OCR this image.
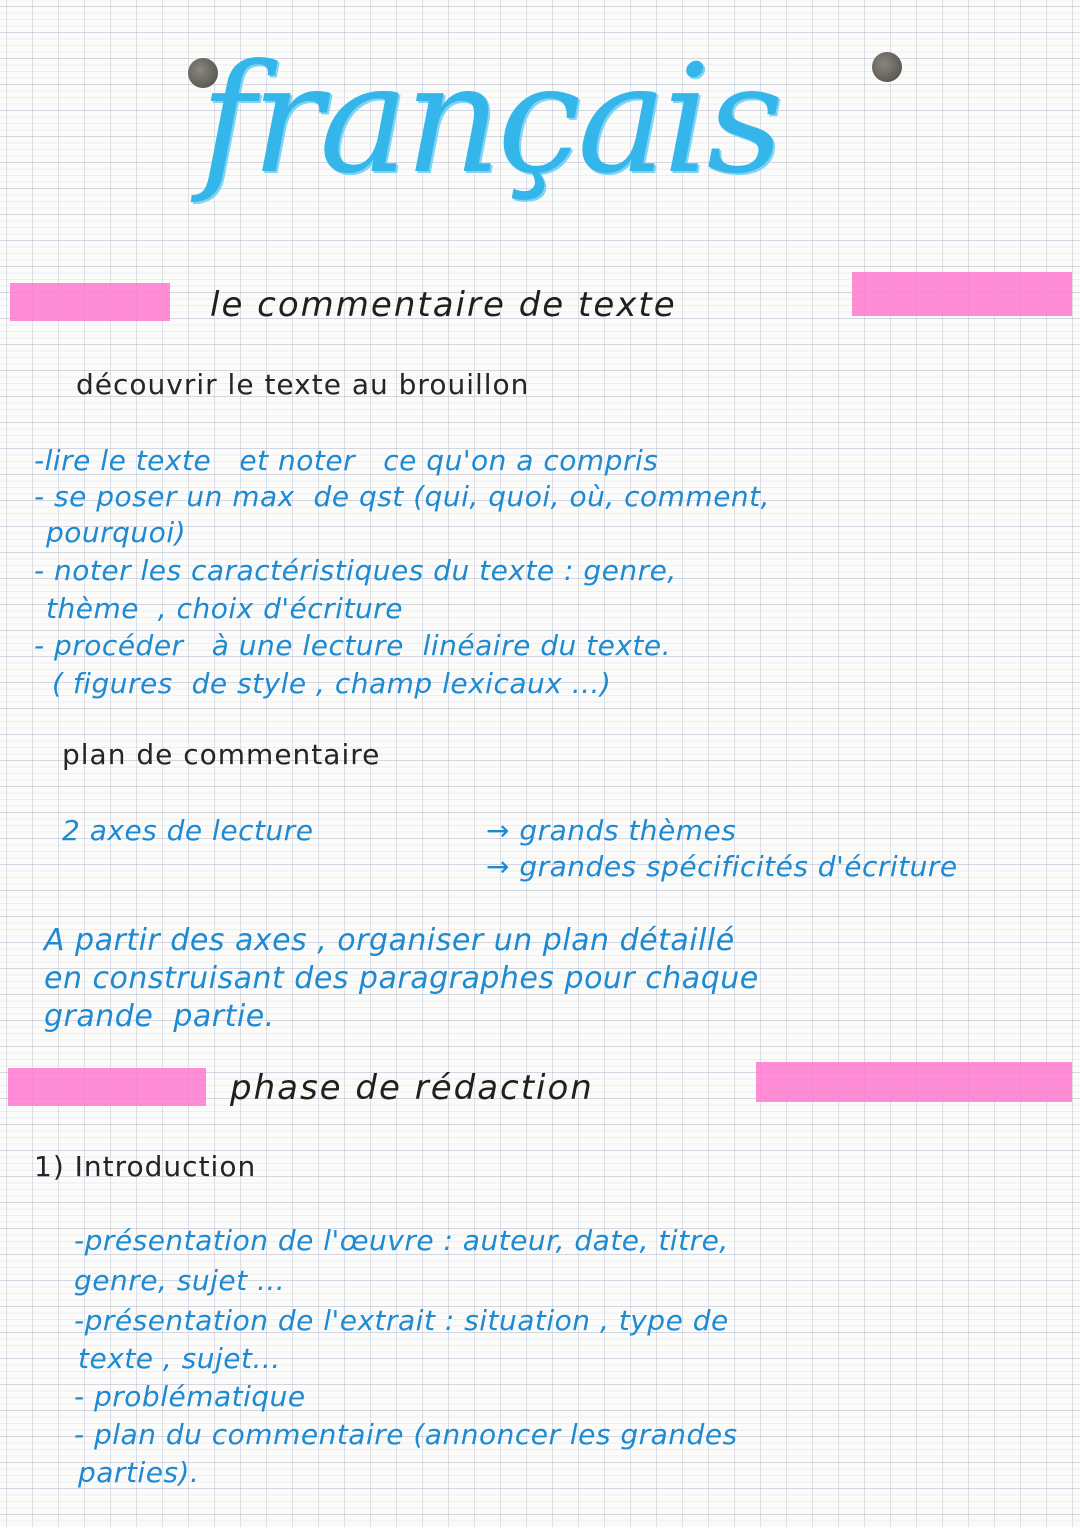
français
le commentaire de texte
découvrir le texte au brouillon
-lire le texte   et noter   ce qu'on a compris
- se poser un max  de qst (qui, quoi, où, comment,
pourquoi)
- noter les caractéristiques du texte : genre,
thème  , choix d'écriture
- procéder   à une lecture  linéaire du texte.
( figures  de style , champ lexicaux ...)
plan de commentaire
2 axes de lecture	→ grands thèmes
→ grandes spécificités d'écriture
A partir des axes , organiser un plan détaillé
en construisant des paragraphes pour chaque
grande  partie.
phase de rédaction
1) Introduction
-présentation de l'œuvre : auteur, date, titre,
genre, sujet ...
-présentation de l'extrait : situation , type de
texte , sujet...
- problématique
- plan du commentaire (annoncer les grandes
parties).
